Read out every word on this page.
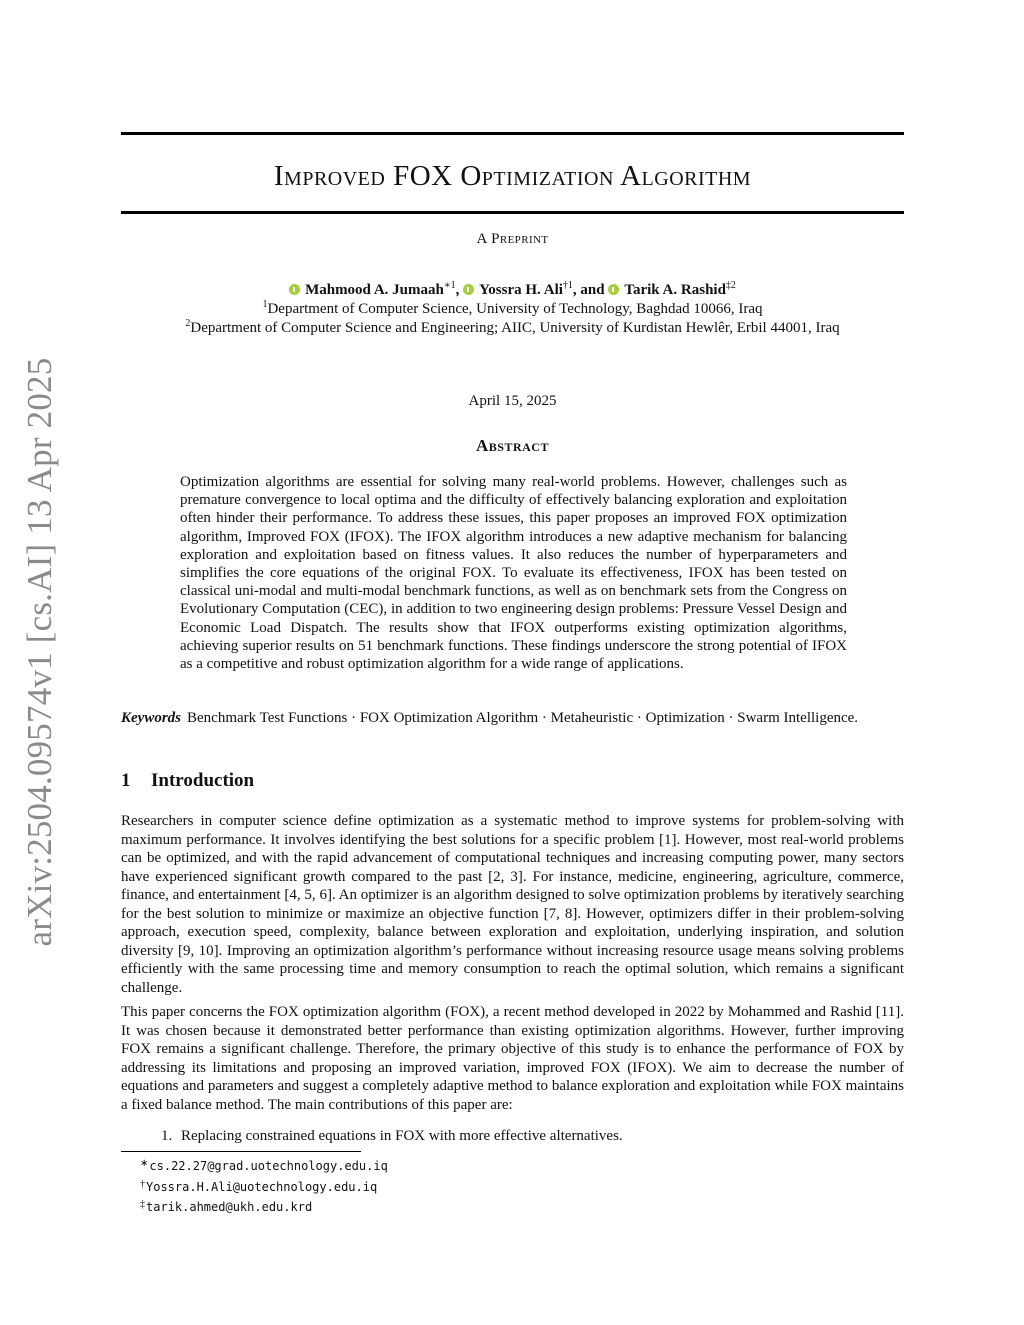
arXiv:2504.09574v1 [cs.AI] 13 Apr 2025
Improved FOX Optimization Algorithm
A Preprint
Mahmood A. Jumaah$^{∗1}$, Yossra H. Ali$^{\dagger 1}$, and Tarik A. Rashid$^{\ddagger 2}$
$^1$Department of Computer Science, University of Technology, Baghdad 10066, Iraq
$^2$Department of Computer Science and Engineering; AIIC, University of Kurdistan Hewlêr, Erbil 44001, Iraq
April 15, 2025
Abstract
Optimization algorithms are essential for solving many real-world problems. However, challenges such as premature convergence to local optima and the difficulty of effectively balancing exploration and exploitation often hinder their performance. To address these issues, this paper proposes an improved FOX optimization algorithm, Improved FOX (IFOX). The IFOX algorithm introduces a new adaptive mechanism for balancing exploration and exploitation based on fitness values. It also reduces the number of hyperparameters and simplifies the core equations of the original FOX. To evaluate its effectiveness, IFOX has been tested on classical uni-modal and multi-modal benchmark functions, as well as on benchmark sets from the Congress on Evolutionary Computation (CEC), in addition to two engineering design problems: Pressure Vessel Design and Economic Load Dispatch. The results show that IFOX outperforms existing optimization algorithms, achieving superior results on 51 benchmark functions. These findings underscore the strong potential of IFOX as a competitive and robust optimization algorithm for a wide range of applications.
Keywords Benchmark Test Functions · FOX Optimization Algorithm · Metaheuristic · Optimization · Swarm Intelligence.
1 Introduction
Researchers in computer science define optimization as a systematic method to improve systems for problem-solving with maximum performance. It involves identifying the best solutions for a specific problem [1]. However, most real-world problems can be optimized, and with the rapid advancement of computational techniques and increasing computing power, many sectors have experienced significant growth compared to the past [2, 3]. For instance, medicine, engineering, agriculture, commerce, finance, and entertainment [4, 5, 6]. An optimizer is an algorithm designed to solve optimization problems by iteratively searching for the best solution to minimize or maximize an objective function [7, 8]. However, optimizers differ in their problem-solving approach, execution speed, complexity, balance between exploration and exploitation, underlying inspiration, and solution diversity [9, 10]. Improving an optimization algorithm’s performance without increasing resource usage means solving problems efficiently with the same processing time and memory consumption to reach the optimal solution, which remains a significant challenge.
This paper concerns the FOX optimization algorithm (FOX), a recent method developed in 2022 by Mohammed and Rashid [11]. It was chosen because it demonstrated better performance than existing optimization algorithms. However, further improving FOX remains a significant challenge. Therefore, the primary objective of this study is to enhance the performance of FOX by addressing its limitations and proposing an improved variation, improved FOX (IFOX). We aim to decrease the number of equations and parameters and suggest a completely adaptive method to balance exploration and exploitation while FOX maintains a fixed balance method. The main contributions of this paper are:
1. Replacing constrained equations in FOX with more effective alternatives.
∗cs.22.27@grad.uotechnology.edu.iq
†Yossra.H.Ali@uotechnology.edu.iq
‡tarik.ahmed@ukh.edu.krd
